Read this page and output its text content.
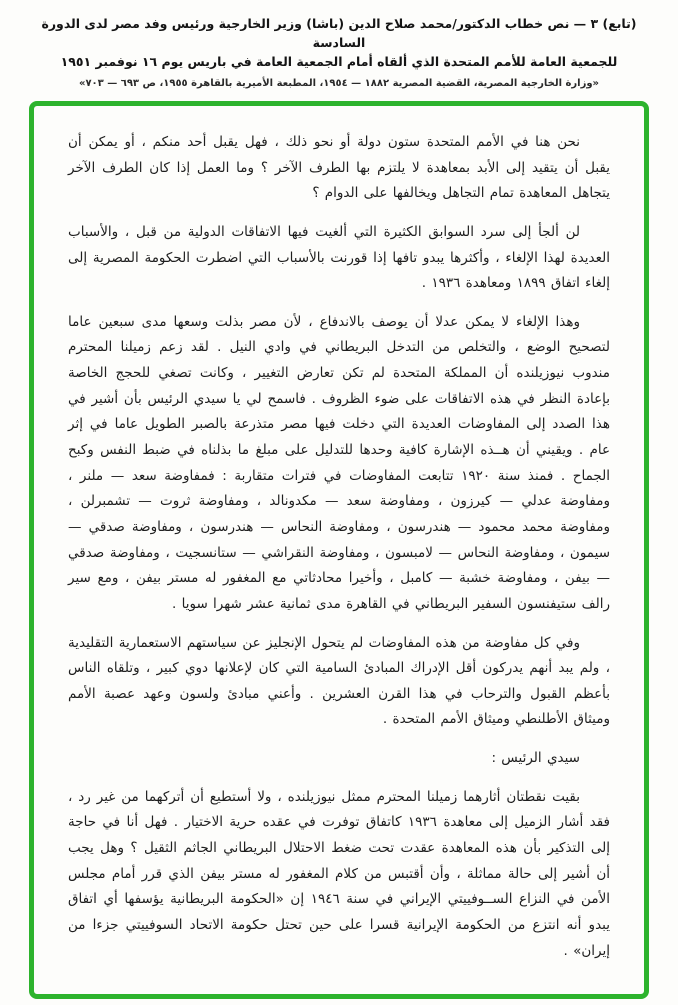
(تابع) ٣ — نص خطاب الدكتور/محمد صلاح الدين (باشا) وزير الخارجية ورئيس وفد مصر لدى الدورة السادسة
للجمعية العامة للأمم المتحدة الذي ألقاه أمام الجمعية العامة في باريس يوم ١٦ نوفمبر ١٩٥١
«وزارة الخارجية المصرية، القضية المصرية ١٨٨٢ — ١٩٥٤، المطبعة الأميرية بالقاهرة ١٩٥٥، ص ٦٩٣ — ٧٠٣»

نحن هنا في الأمم المتحدة ستون دولة أو نحو ذلك ، فهل يقبل أحد منكم ، أو يمكن أن يقبل أن يتقيد إلى الأبد بمعاهدة لا يلتزم بها الطرف الآخر ؟ وما العمل إذا كان الطرف الآخر يتجاهل المعاهدة تمام التجاهل ويخالفها على الدوام ؟

لن ألجأ إلى سرد السوابق الكثيرة التي ألغيت فيها الاتفاقات الدولية من قبل ، والأسباب العديدة لهذا الإلغاء ، وأكثرها يبدو تافها إذا قورنت بالأسباب التي اضطرت الحكومة المصرية إلى إلغاء اتفاق ١٨٩٩ ومعاهدة ١٩٣٦ .

وهذا الإلغاء لا يمكن عدلا أن يوصف بالاندفاع ، لأن مصر بذلت وسعها مدى سبعين عاما لتصحيح الوضع ، والتخلص من التدخل البريطاني في وادي النيل . لقد زعم زميلنا المحترم مندوب نيوزيلنده أن المملكة المتحدة لم تكن تعارض التغيير ، وكانت تصغي للحجج الخاصة بإعادة النظر في هذه الاتفاقات على ضوء الظروف . فاسمح لي يا سيدي الرئيس بأن أشير في هذا الصدد إلى المفاوضات العديدة التي دخلت فيها مصر متذرعة بالصبر الطويل عاما في إثر عام . ويقيني أن هــذه الإشارة كافية وحدها للتدليل على مبلغ ما بذلناه في ضبط النفس وكبح الجماح . فمنذ سنة ١٩٢٠ تتابعت المفاوضات في فترات متقاربة : فمفاوضة سعد — ملنر ، ومفاوضة عدلي — كيرزون ، ومفاوضة سعد — مكدونالد ، ومفاوضة ثروت — تشمبرلن ، ومفاوضة محمد محمود — هندرسون ، ومفاوضة النحاس — هندرسون ، ومفاوضة صدقي — سيمون ، ومفاوضة النحاس — لامبسون ، ومفاوضة النقراشي — ستانسجيت ، ومفاوضة صدقي — بيفن ، ومفاوضة خشبة — كامبل ، وأخيرا محادثاتي مع المغفور له مستر بيفن ، ومع سير رالف ستيفنسون السفير البريطاني في القاهرة مدى ثمانية عشر شهرا سويا .

وفي كل مفاوضة من هذه المفاوضات لم يتحول الإنجليز عن سياستهم الاستعمارية التقليدية ، ولم يبد أنهم يدركون أقل الإدراك المبادئ السامية التي كان لإعلانها دوي كبير ، وتلقاه الناس بأعظم القبول والترحاب في هذا القرن العشرين . وأعني مبادئ ولسون وعهد عصبة الأمم وميثاق الأطلنطي وميثاق الأمم المتحدة .

سيدي الرئيس :

بقيت نقطتان أثارهما زميلنا المحترم ممثل نيوزيلنده ، ولا أستطيع أن أتركهما من غير رد ، فقد أشار الزميل إلى معاهدة ١٩٣٦ كاتفاق توفرت في عقده حرية الاختيار . فهل أنا في حاجة إلى التذكير بأن هذه المعاهدة عقدت تحت ضغط الاحتلال البريطاني الجاثم الثقيل ؟ وهل يجب أن أشير إلى حالة مماثلة ، وأن أقتبس من كلام المغفور له مستر بيفن الذي قرر أمام مجلس الأمن في النزاع الســوفييتي الإيراني في سنة ١٩٤٦ إن «الحكومة البريطانية يؤسفها أي اتفاق يبدو أنه انتزع من الحكومة الإيرانية قسرا على حين تحتل حكومة الاتحاد السوفييتي جزءا من إيران» .
